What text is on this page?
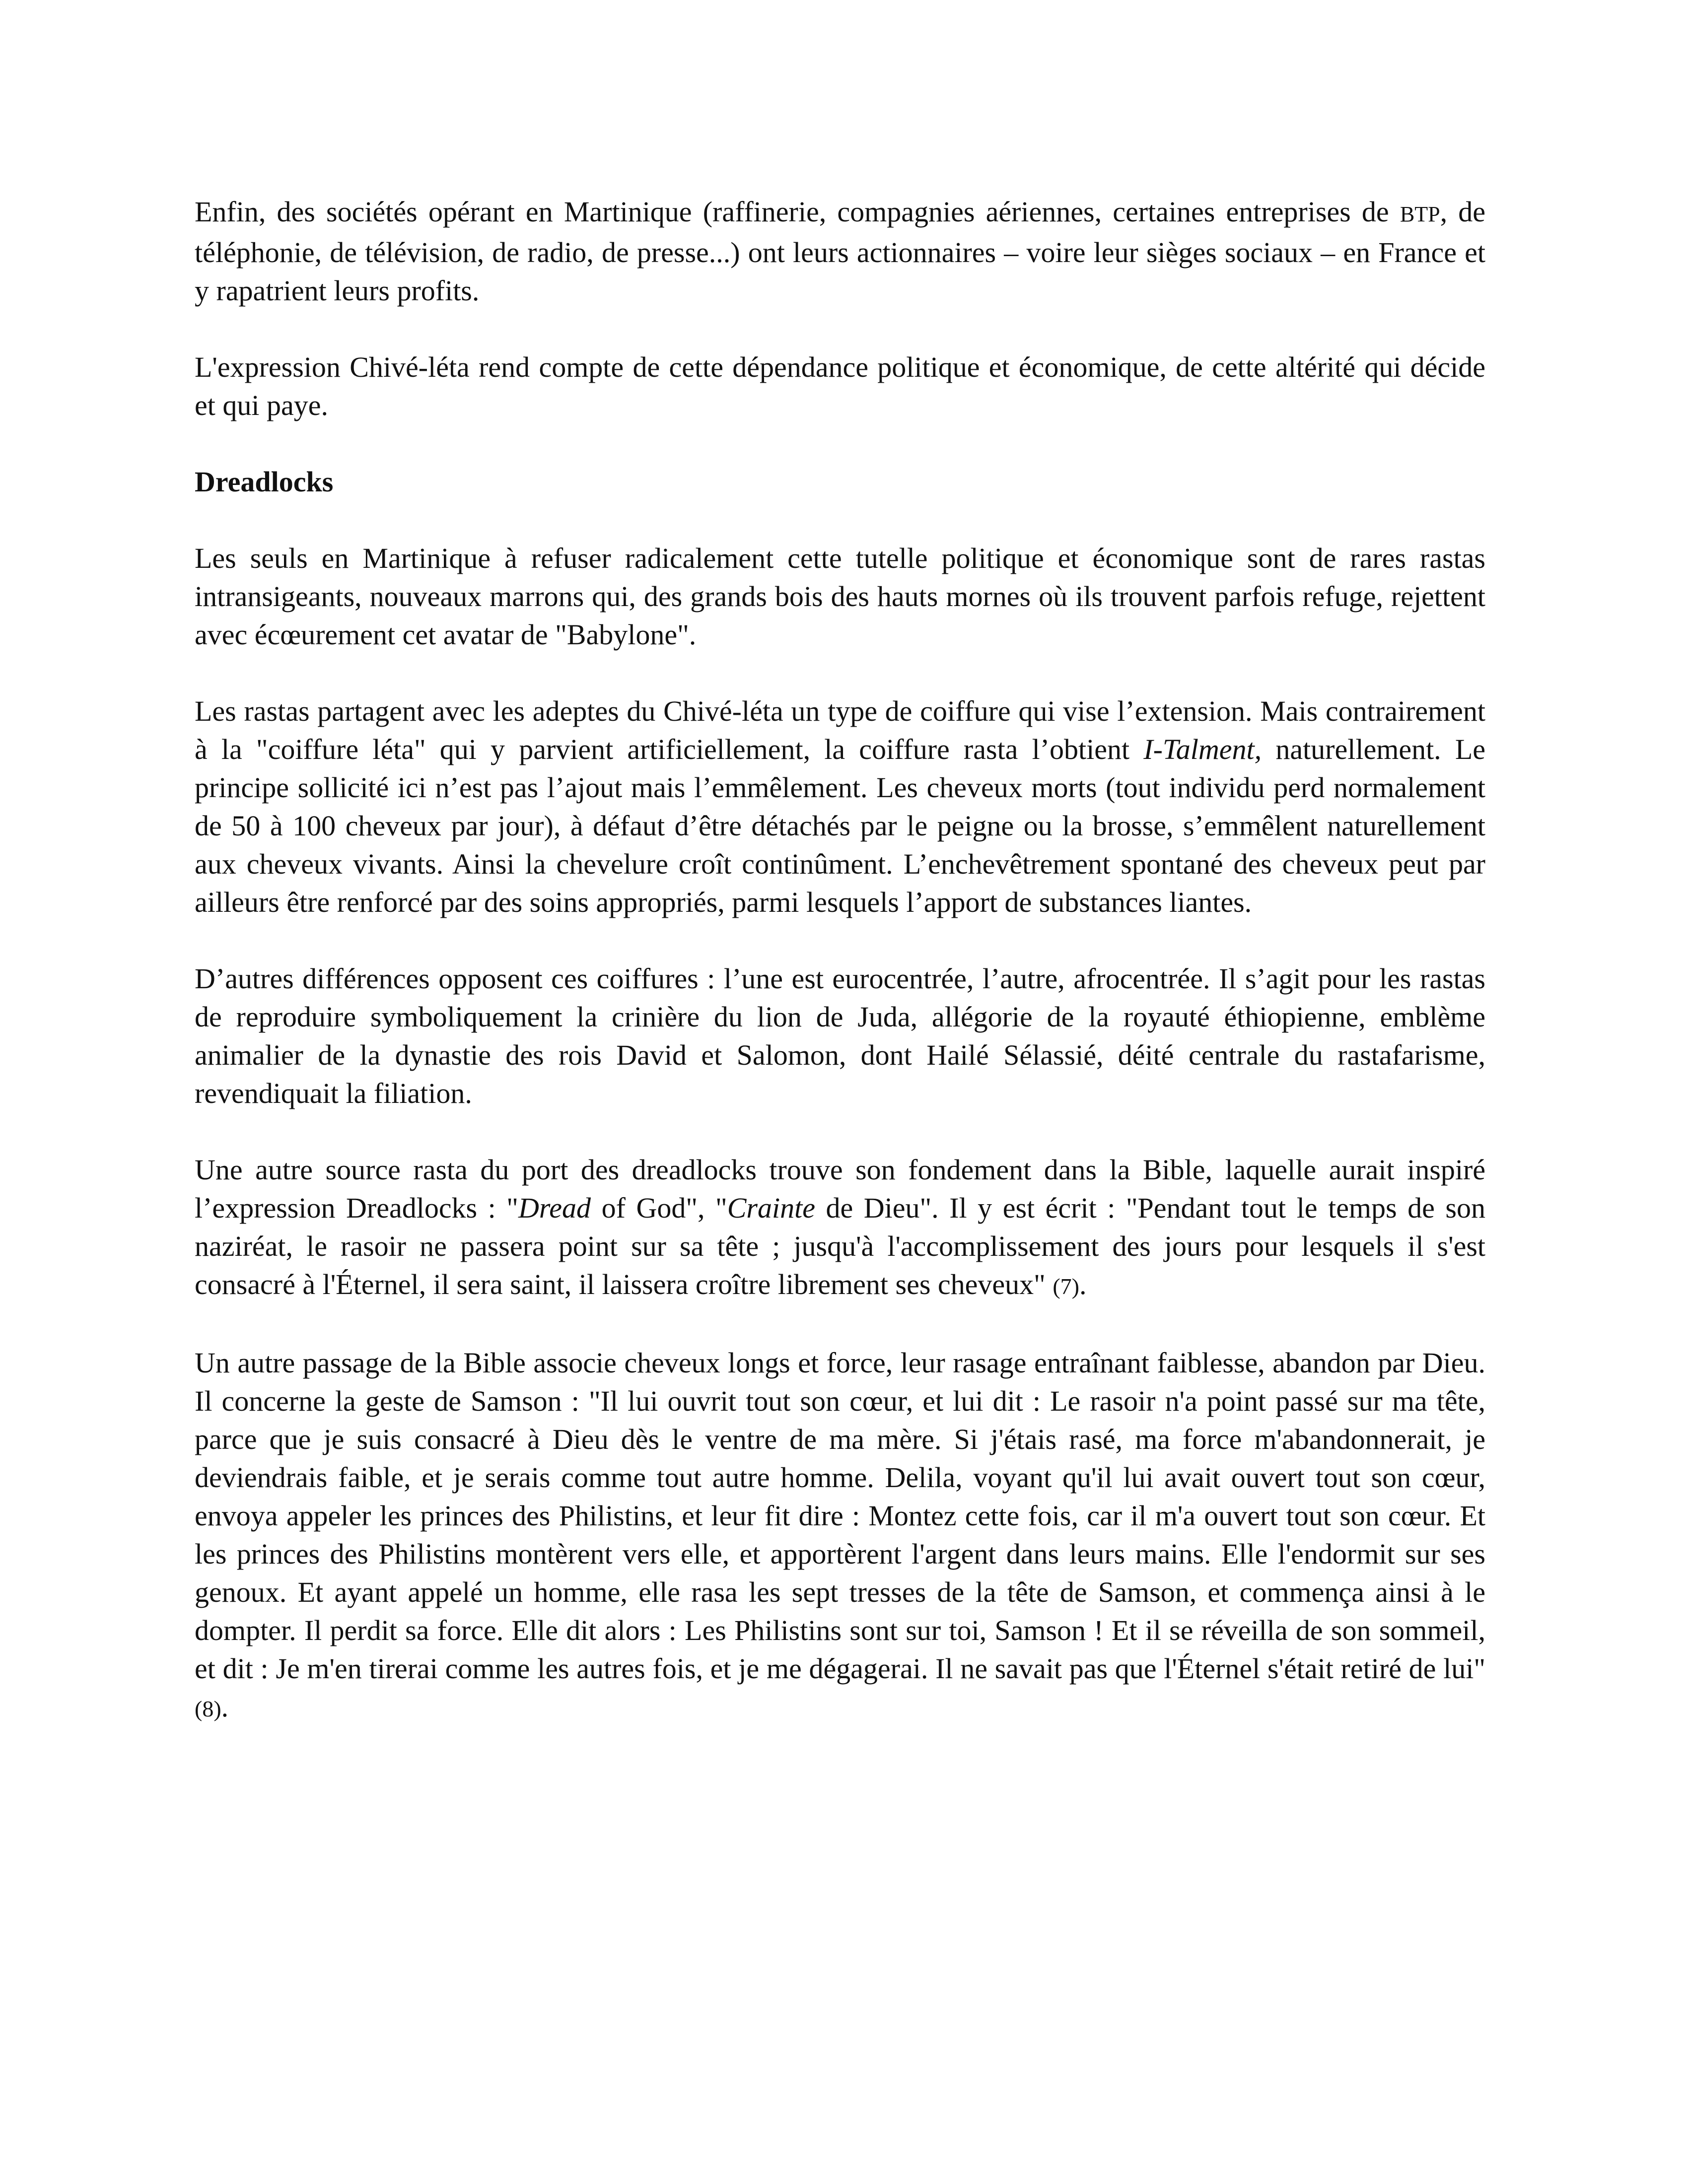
Enfin, des sociétés opérant en Martinique (raffinerie, compagnies aériennes, certaines entreprises de BTP, de téléphonie, de télévision, de radio, de presse...) ont leurs actionnaires – voire leur sièges sociaux – en France et y rapatrient leurs profits.

L'expression Chivé-léta rend compte de cette dépendance politique et économique, de cette altérité qui décide et qui paye.

Dreadlocks

Les seuls en Martinique à refuser radicalement cette tutelle politique et économique sont de rares rastas intransigeants, nouveaux marrons qui, des grands bois des hauts mornes où ils trouvent parfois refuge, rejettent avec écœurement cet avatar de "Babylone".

Les rastas partagent avec les adeptes du Chivé-léta un type de coiffure qui vise l’extension. Mais contrairement à la "coiffure léta" qui y parvient artificiellement, la coiffure rasta l’obtient I-Talment, naturellement. Le principe sollicité ici n’est pas l’ajout mais l’emmêlement. Les cheveux morts (tout individu perd normalement de 50 à 100 cheveux par jour), à défaut d’être détachés par le peigne ou la brosse, s’emmêlent naturellement aux cheveux vivants. Ainsi la chevelure croît continûment. L’enchevêtrement spontané des cheveux peut par ailleurs être renforcé par des soins appropriés, parmi lesquels l’apport de substances liantes.

D’autres différences opposent ces coiffures : l’une est eurocentrée, l’autre, afrocentrée. Il s’agit pour les rastas de reproduire symboliquement la crinière du lion de Juda, allégorie de la royauté éthiopienne, emblème animalier de la dynastie des rois David et Salomon, dont Hailé Sélassié, déité centrale du rastafarisme, revendiquait la filiation.

Une autre source rasta du port des dreadlocks trouve son fondement dans la Bible, laquelle aurait inspiré l’expression Dreadlocks : "Dread of God", "Crainte de Dieu". Il y est écrit : "Pendant tout le temps de son naziréat, le rasoir ne passera point sur sa tête ; jusqu'à l'accomplissement des jours pour lesquels il s'est consacré à l'Éternel, il sera saint, il laissera croître librement ses cheveux" (7).

Un autre passage de la Bible associe cheveux longs et force, leur rasage entraînant faiblesse, abandon par Dieu. Il concerne la geste de Samson : "Il lui ouvrit tout son cœur, et lui dit : Le rasoir n'a point passé sur ma tête, parce que je suis consacré à Dieu dès le ventre de ma mère. Si j'étais rasé, ma force m'abandonnerait, je deviendrais faible, et je serais comme tout autre homme. Delila, voyant qu'il lui avait ouvert tout son cœur, envoya appeler les princes des Philistins, et leur fit dire : Montez cette fois, car il m'a ouvert tout son cœur. Et les princes des Philistins montèrent vers elle, et apportèrent l'argent dans leurs mains. Elle l'endormit sur ses genoux. Et ayant appelé un homme, elle rasa les sept tresses de la tête de Samson, et commença ainsi à le dompter. Il perdit sa force. Elle dit alors : Les Philistins sont sur toi, Samson ! Et il se réveilla de son sommeil, et dit : Je m'en tirerai comme les autres fois, et je me dégagerai. Il ne savait pas que l'Éternel s'était retiré de lui" (8).
